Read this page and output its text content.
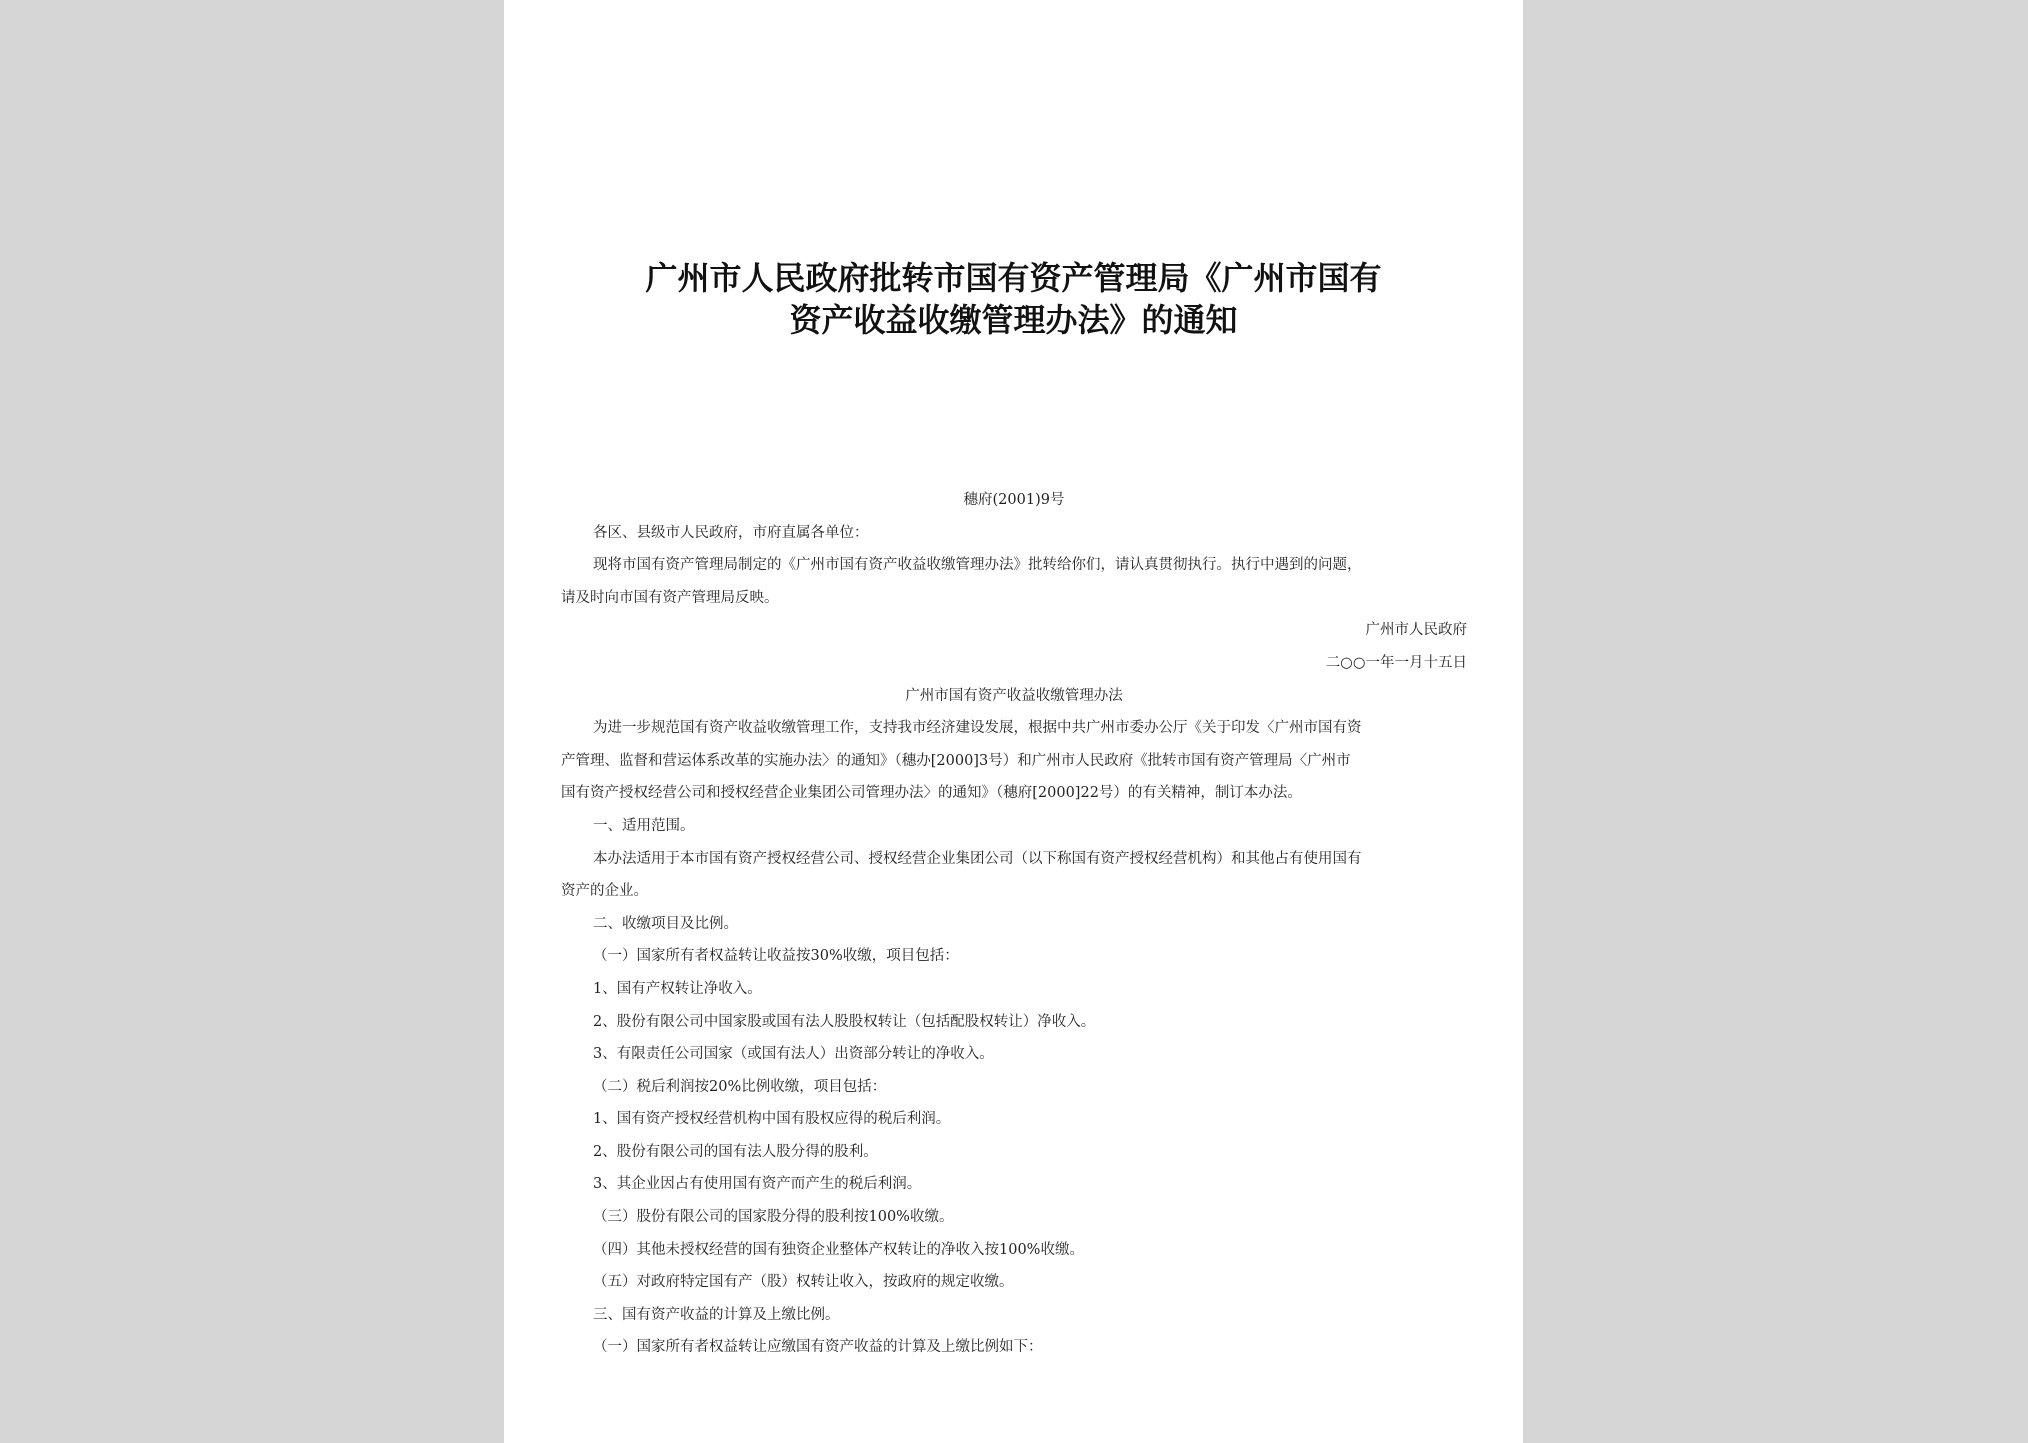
广州市人民政府批转市国有资产管理局《广州市国有
资产收益收缴管理办法》的通知
穗府(2001)9号
各区、县级市人民政府，市府直属各单位：
现将市国有资产管理局制定的《广州市国有资产收益收缴管理办法》批转给你们，请认真贯彻执行。执行中遇到的问题，
请及时向市国有资产管理局反映。
广州市人民政府
二○○一年一月十五日
广州市国有资产收益收缴管理办法
为进一步规范国有资产收益收缴管理工作，支持我市经济建设发展，根据中共广州市委办公厅《关于印发〈广州市国有资
产管理、监督和营运体系改革的实施办法〉的通知》（穗办[2000]3号）和广州市人民政府《批转市国有资产管理局〈广州市
国有资产授权经营公司和授权经营企业集团公司管理办法〉的通知》（穗府[2000]22号）的有关精神，制订本办法。
一、适用范围。
本办法适用于本市国有资产授权经营公司、授权经营企业集团公司（以下称国有资产授权经营机构）和其他占有使用国有
资产的企业。
二、收缴项目及比例。
（一）国家所有者权益转让收益按30%收缴，项目包括：
1、国有产权转让净收入。
2、股份有限公司中国家股或国有法人股股权转让（包括配股权转让）净收入。
3、有限责任公司国家（或国有法人）出资部分转让的净收入。
（二）税后利润按20%比例收缴，项目包括：
1、国有资产授权经营机构中国有股权应得的税后利润。
2、股份有限公司的国有法人股分得的股利。
3、其企业因占有使用国有资产而产生的税后利润。
（三）股份有限公司的国家股分得的股利按100%收缴。
（四）其他未授权经营的国有独资企业整体产权转让的净收入按100%收缴。
（五）对政府特定国有产（股）权转让收入，按政府的规定收缴。
三、国有资产收益的计算及上缴比例。
（一）国家所有者权益转让应缴国有资产收益的计算及上缴比例如下：
